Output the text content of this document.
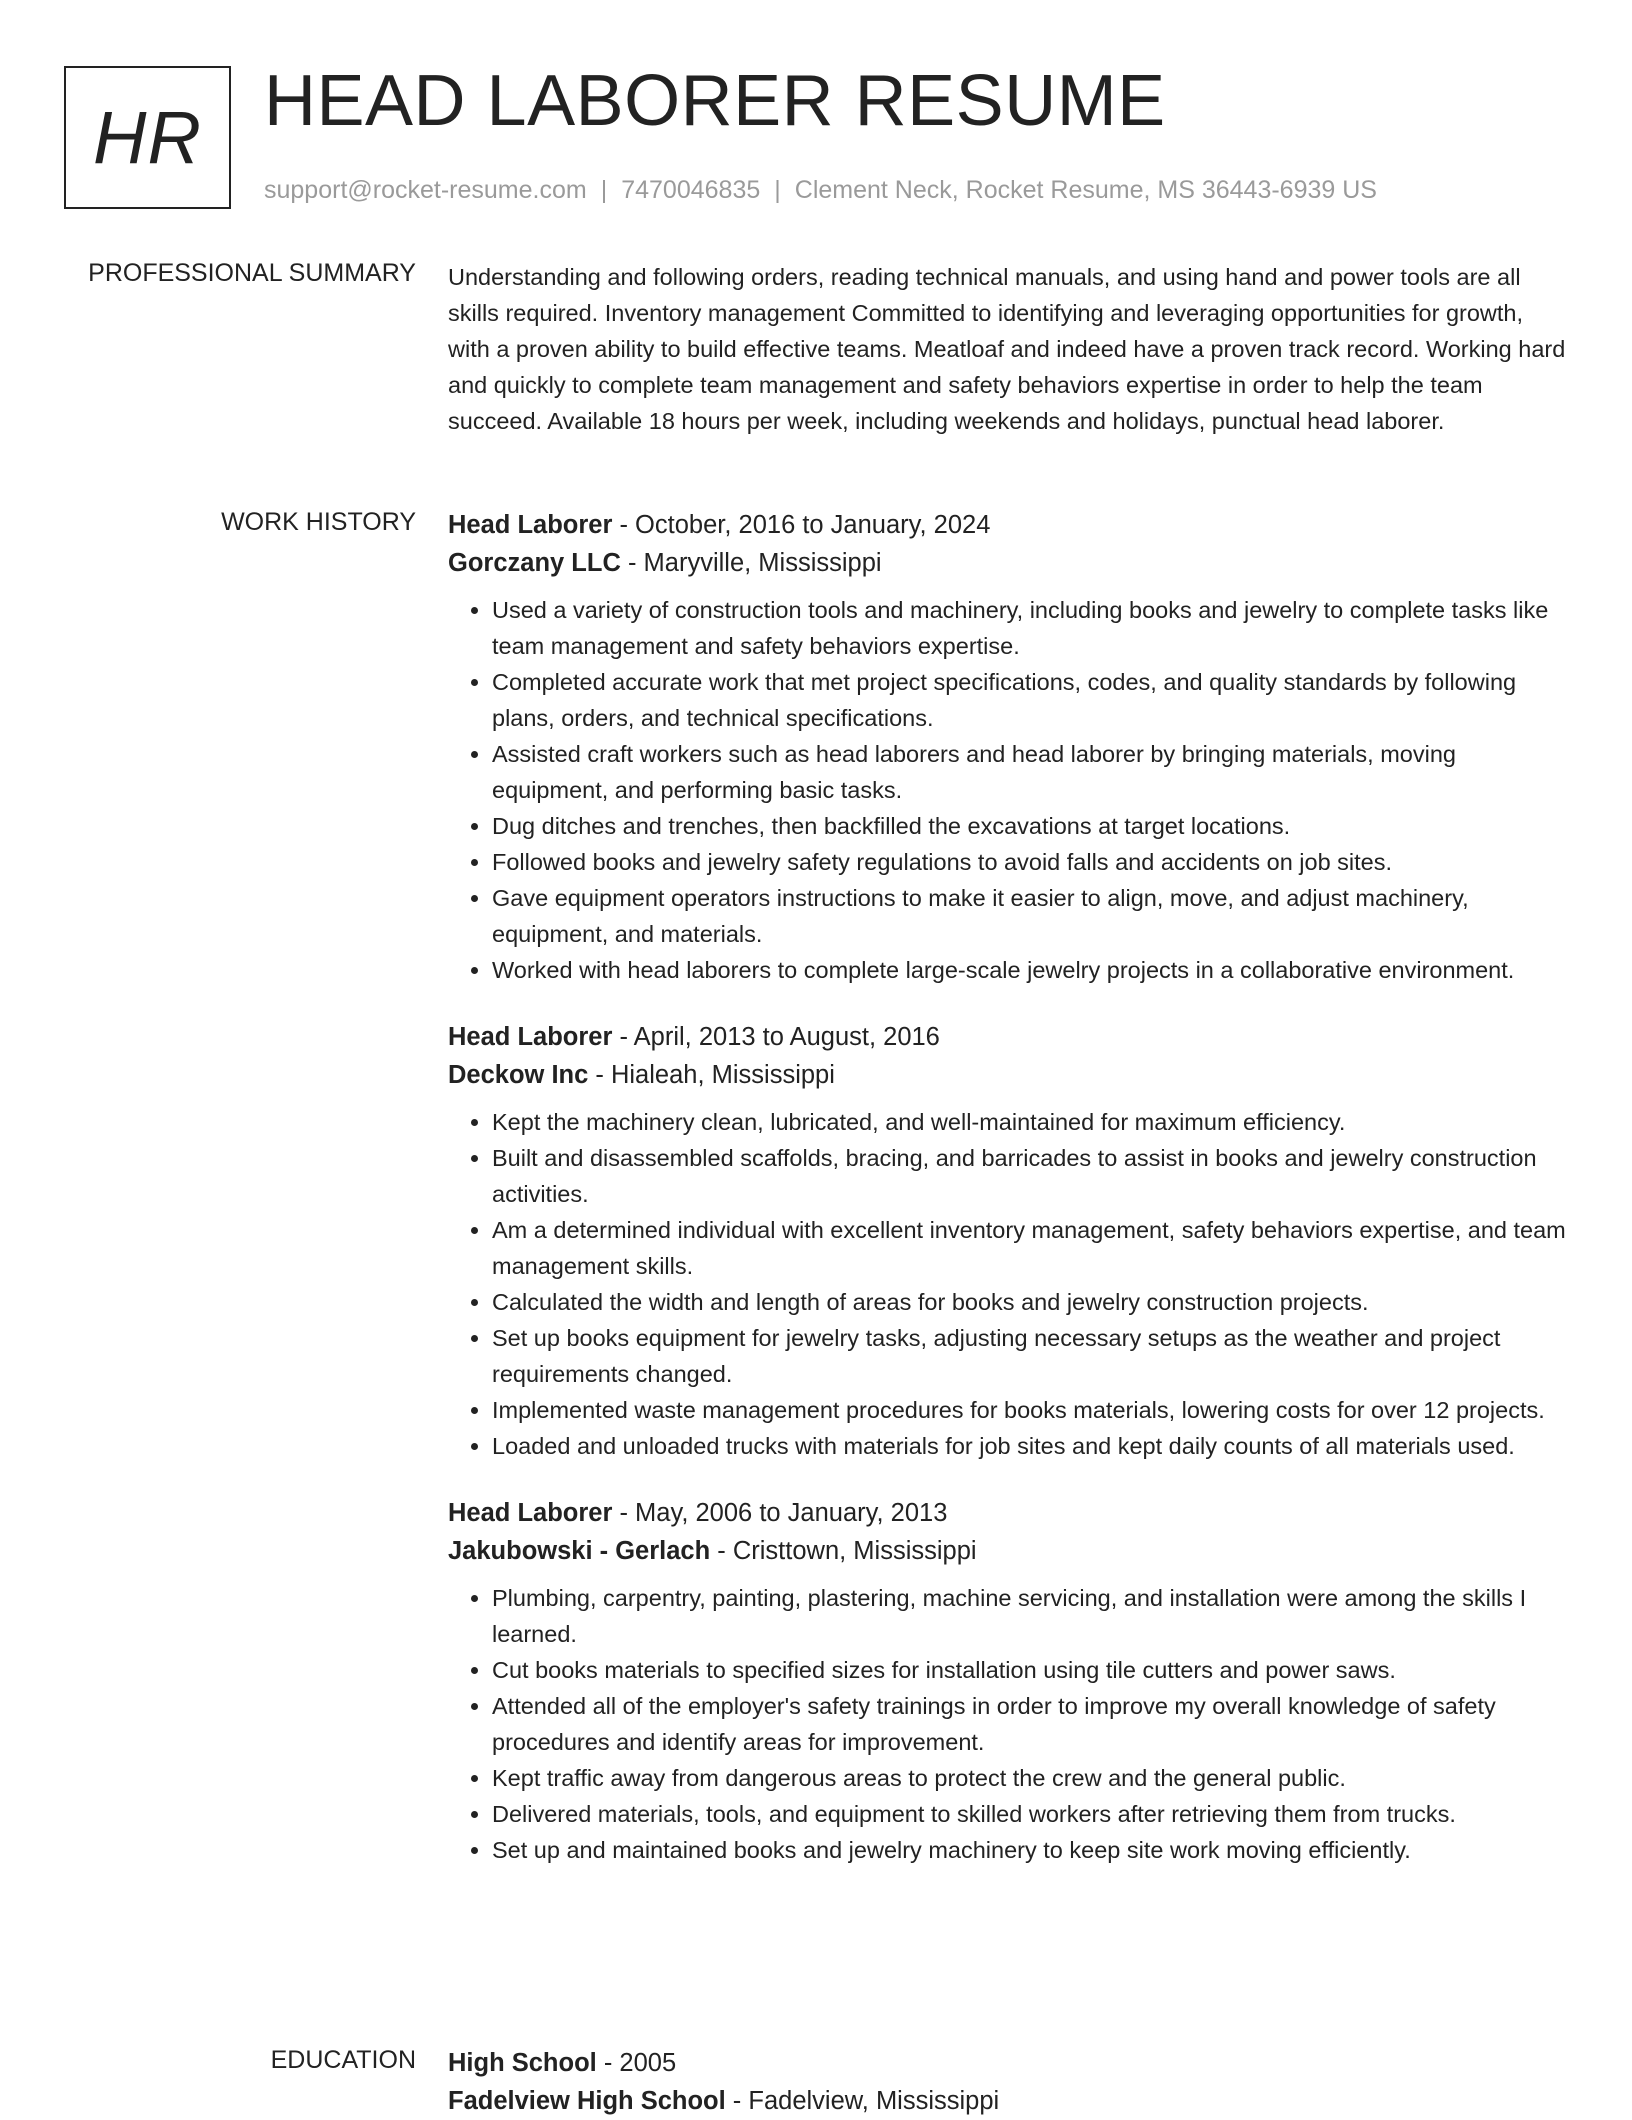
HR HEAD LABORER RESUME
support@rocket-resume.com | 7470046835 | Clement Neck, Rocket Resume, MS 36443-6939 US
PROFESSIONAL SUMMARY Understanding and following orders, reading technical manuals, and using hand and power tools are all skills required. Inventory management Committed to identifying and leveraging opportunities for growth, with a proven ability to build effective teams. Meatloaf and indeed have a proven track record. Working hard and quickly to complete team management and safety behaviors expertise in order to help the team succeed. Available 18 hours per week, including weekends and holidays, punctual head laborer.

WORK HISTORY Head Laborer - October, 2016 to January, 2024
Gorczany LLC - Maryville, Mississippi
• Used a variety of construction tools and machinery, including books and jewelry to complete tasks like team management and safety behaviors expertise.
• Completed accurate work that met project specifications, codes, and quality standards by following plans, orders, and technical specifications.
• Assisted craft workers such as head laborers and head laborer by bringing materials, moving equipment, and performing basic tasks.
• Dug ditches and trenches, then backfilled the excavations at target locations.
• Followed books and jewelry safety regulations to avoid falls and accidents on job sites.
• Gave equipment operators instructions to make it easier to align, move, and adjust machinery, equipment, and materials.
• Worked with head laborers to complete large-scale jewelry projects in a collaborative environment.
Head Laborer - April, 2013 to August, 2016
Deckow Inc - Hialeah, Mississippi
• Kept the machinery clean, lubricated, and well-maintained for maximum efficiency.
• Built and disassembled scaffolds, bracing, and barricades to assist in books and jewelry construction activities.
• Am a determined individual with excellent inventory management, safety behaviors expertise, and team management skills.
• Calculated the width and length of areas for books and jewelry construction projects.
• Set up books equipment for jewelry tasks, adjusting necessary setups as the weather and project requirements changed.
• Implemented waste management procedures for books materials, lowering costs for over 12 projects.
• Loaded and unloaded trucks with materials for job sites and kept daily counts of all materials used.
Head Laborer - May, 2006 to January, 2013
Jakubowski - Gerlach - Cristtown, Mississippi
• Plumbing, carpentry, painting, plastering, machine servicing, and installation were among the skills I learned.
• Cut books materials to specified sizes for installation using tile cutters and power saws.
• Attended all of the employer's safety trainings in order to improve my overall knowledge of safety procedures and identify areas for improvement.
• Kept traffic away from dangerous areas to protect the crew and the general public.
• Delivered materials, tools, and equipment to skilled workers after retrieving them from trucks.
• Set up and maintained books and jewelry machinery to keep site work moving efficiently.
EDUCATION High School - 2005
Fadelview High School - Fadelview, Mississippi
